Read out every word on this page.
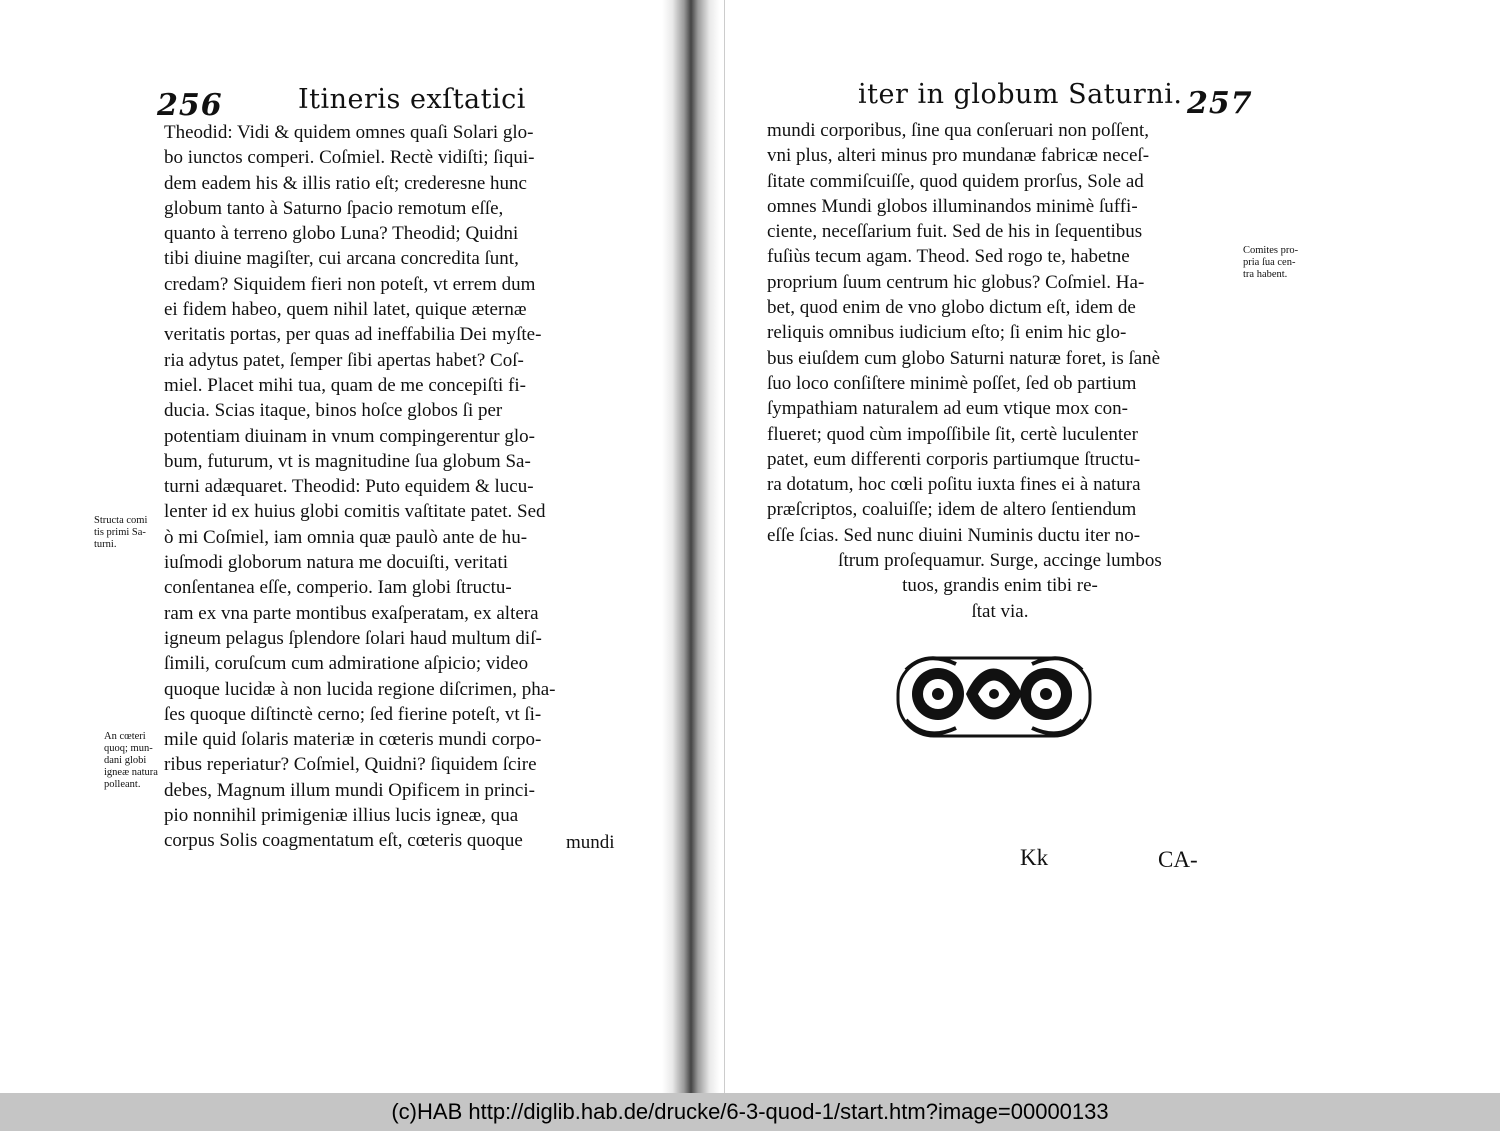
256	Itineris exſtatici
Theodid: Vidi & quidem omnes quaſi Solari glo-
bo iunctos comperi. Coſmiel. Rectè vidiſti; ſiqui-
dem eadem his & illis ratio eſt; crederesne hunc
globum tanto à Saturno ſpacio remotum eſſe,
quanto à terreno globo Luna? Theodid; Quidni
tibi diuine magiſter, cui arcana concredita ſunt,
credam? Siquidem fieri non poteſt, vt errem dum
ei fidem habeo, quem nihil latet, quique æternæ
veritatis portas, per quas ad ineffabilia Dei myſte-
ria adytus patet, ſemper ſibi apertas habet? Coſ-
miel. Placet mihi tua, quam de me concepiſti fi-
ducia. Scias itaque, binos hoſce globos ſi per
potentiam diuinam in vnum compingerentur glo-
bum, futurum, vt is magnitudine ſua globum Sa-
turni adæquaret. Theodid: Puto equidem & lucu-
lenter id ex huius globi comitis vaſtitate patet. Sed
ò mi Coſmiel, iam omnia quæ paulò ante de hu-
iuſmodi globorum natura me docuiſti, veritati
conſentanea eſſe, comperio. Iam globi ſtructu-
ram ex vna parte montibus exaſperatam, ex altera
igneum pelagus ſplendore ſolari haud multum diſ-
ſimili, coruſcum cum admiratione aſpicio; video
quoque lucidæ à non lucida regione diſcrimen, pha-
ſes quoque diſtinctè cerno; ſed fierine poteſt, vt ſi-
mile quid ſolaris materiæ in cœteris mundi corpo-
ribus reperiatur? Coſmiel, Quidni? ſiquidem ſcire
debes, Magnum illum mundi Opificem in princi-
pio nonnihil primigeniæ illius lucis igneæ, qua
corpus Solis coagmentatum eſt, cœteris quoque	mundi
Structa comi
tis primi Sa-
turni.
An cœteri
quoq; mun-
dani globi
igneæ natura
polleant.
iter in globum Saturni. 257
mundi corporibus, ſine qua conſeruari non poſſent,
vni plus, alteri minus pro mundanæ fabricæ neceſ-
ſitate commiſcuiſſe, quod quidem prorſus, Sole ad
omnes Mundi globos illuminandos minimè ſuffi-
ciente, neceſſarium fuit. Sed de his in ſequentibus
fuſiùs tecum agam. Theod. Sed rogo te, habetne
proprium ſuum centrum hic globus? Coſmiel. Ha-
bet, quod enim de vno globo dictum eſt, idem de
reliquis omnibus iudicium eſto; ſi enim hic glo-
bus eiuſdem cum globo Saturni naturæ foret, is ſanè
ſuo loco conſiſtere minimè poſſet, ſed ob partium
ſympathiam naturalem ad eum vtique mox con-
flueret; quod cùm impoſſibile ſit, certè luculenter
patet, eum differenti corporis partiumque ſtructu-
ra dotatum, hoc cœli poſitu iuxta fines ei à natura
præſcriptos, coaluiſſe; idem de altero ſentiendum
eſſe ſcias. Sed nunc diuini Numinis ductu iter no-
ſtrum proſequamur. Surge, accinge lumbos
tuos, grandis enim tibi re-
ſtat via.
Comites pro-
pria ſua cen-
tra habent.
Kk	CA-
(c)HAB http://diglib.hab.de/drucke/6-3-quod-1/start.htm?image=00000133
